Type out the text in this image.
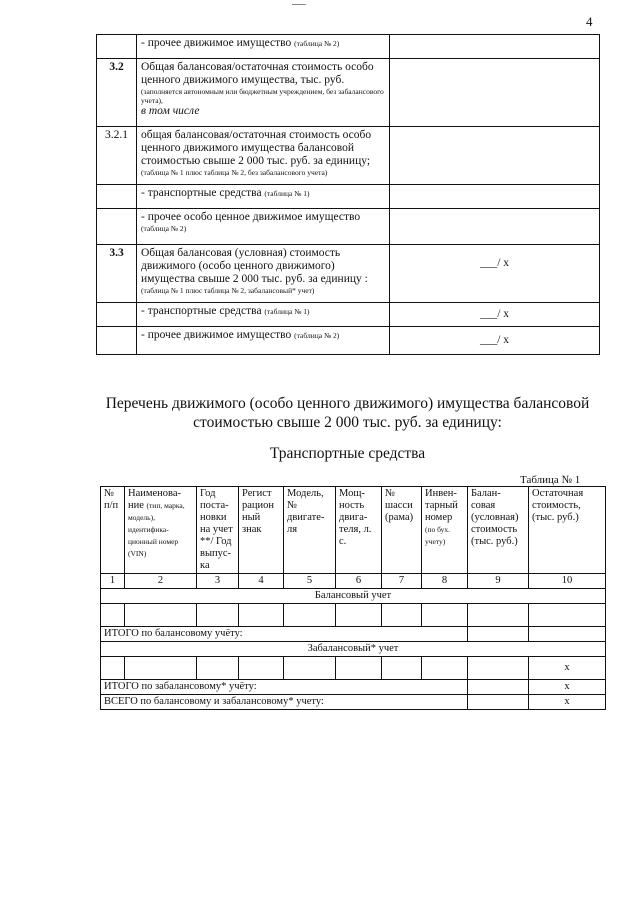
4
	- прочее движимое имущество (таблица № 2)	
3.2	Общая балансовая/остаточная стоимость особо ценного движимого имущества, тыс. руб.
(заполняется автономным или бюджетным учреждением, без забалансового учета),
в том числе	

3.2.1	общая балансовая/остаточная стоимость особо ценного движимого имущества балансовой стоимостью свыше 2 000 тыс. руб. за единицу;
(таблица № 1 плюс таблица № 2, без забалансового учета)	

	- транспортные средства (таблица № 1)	

	- прочее особо ценное движимое имущество
(таблица № 2)	

3.3	Общая балансовая (условная) стоимость движимого (особо ценного движимого) имущества свыше 2 000 тыс. руб. за единицу :
(таблица № 1 плюс таблица № 2, забалансовый* учет)	___/ х
	- транспортные средства (таблица № 1)	___/ х
	- прочее движимое имущество (таблица № 2)	___/ х
Перечень движимого (особо ценного движимого) имущества балансовой стоимостью свыше 2 000 тыс. руб. за единицу:
Транспортные средства
Таблица № 1
№ п/п	Наименова-ние (тип, марка, модель), идентифика-ционный номер (VIN)	Год поста-новки на учет **/ Год выпус-ка	Регист рацион ный знак	Модель, № двигате-ля	Мощ-ность двига-теля, л. с.	№ шасси (рама)	Инвен-тарный номер (по бух. учету)	Балан-совая (условная) стоимость (тыс. руб.)	Остаточная стоимость, (тыс. руб.)
1	2	3	4	5	6	7	8	9	10
Балансовый учет									

ИТОГО по балансовому учёту:									
Забалансовый* учет									
									х
ИТОГО по забалансовому* учёту:									х
ВСЕГО по балансовому и забалансовому* учету:									х
